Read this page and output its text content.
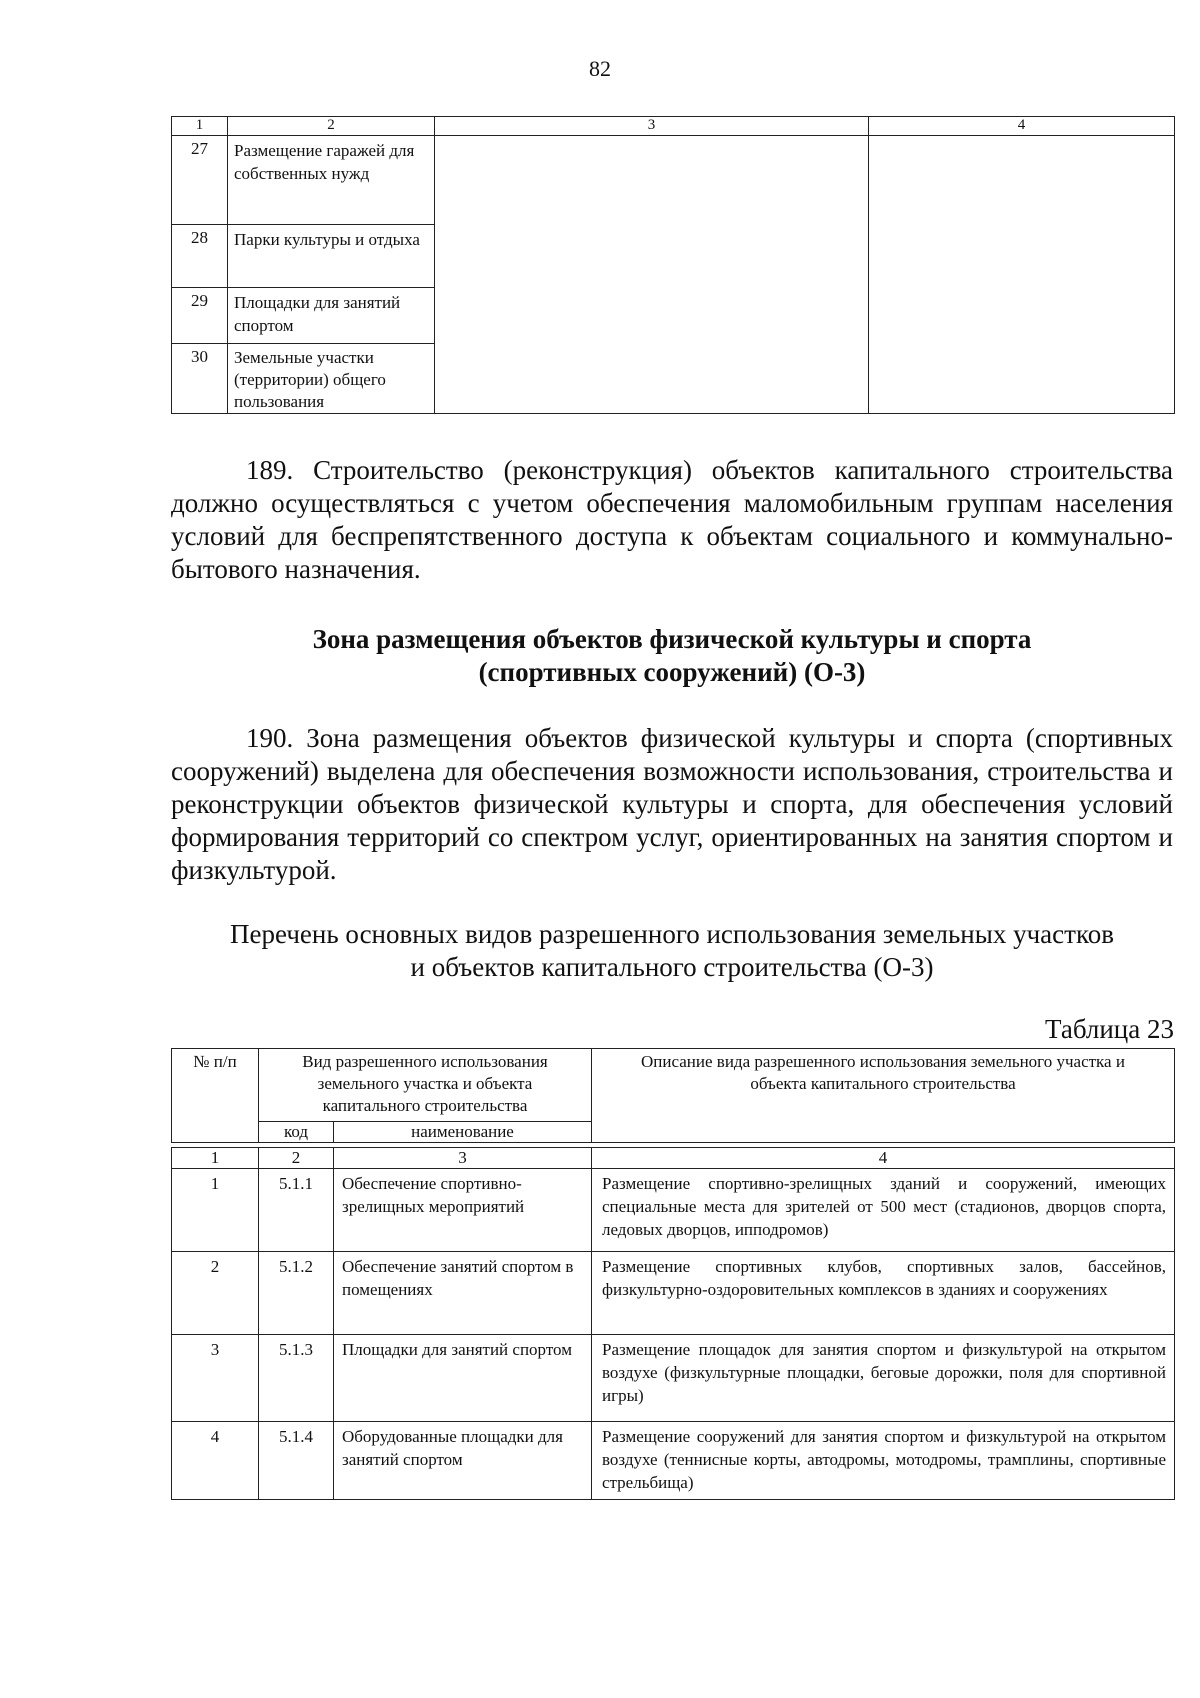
82
1	2	3	4
27	Размещение гаражей для собственных нужд		
28	Парки культуры и отдыха		
29	Площадки для занятий спортом		
30	Земельные участки (территории) общего пользования		
189. Строительство (реконструкция) объектов капитального строительства должно осуществляться с учетом обеспечения маломобильным группам населения условий для беспрепятственного доступа к объектам социального и коммунально-бытового назначения.
Зона размещения объектов физической культуры и спорта
(спортивных сооружений) (О-3)
190. Зона размещения объектов физической культуры и спорта (спортивных сооружений) выделена для обеспечения возможности использования, строительства и реконструкции объектов физической культуры и спорта, для обеспечения условий формирования территорий со спектром услуг, ориентированных на занятия спортом и физкультурой.
Перечень основных видов разрешенного использования земельных участков
и объектов капитального строительства (О-3)
Таблица 23
№ п/п	Вид разрешенного использования земельного участка и объекта капитального строительства		Описание вида разрешенного использования земельного участка и объекта капитального строительства
	код	наименование	

1	2	3	4
1	5.1.1	Обеспечение спортивно-зрелищных мероприятий	Размещение спортивно-зрелищных зданий и сооружений, имеющих специальные места для зрителей от 500 мест (стадионов, дворцов спорта, ледовых дворцов, ипподромов)
2	5.1.2	Обеспечение занятий спортом в помещениях	Размещение спортивных клубов, спортивных залов, бассейнов, физкультурно-оздоровительных комплексов в зданиях и сооружениях
3	5.1.3	Площадки для занятий спортом	Размещение площадок для занятия спортом и физкультурой на открытом воздухе (физкультурные площадки, беговые дорожки, поля для спортивной игры)
4	5.1.4	Оборудованные площадки для занятий спортом	Размещение сооружений для занятия спортом и физкультурой на открытом воздухе (теннисные корты, автодромы, мотодромы, трамплины, спортивные стрельбища)
